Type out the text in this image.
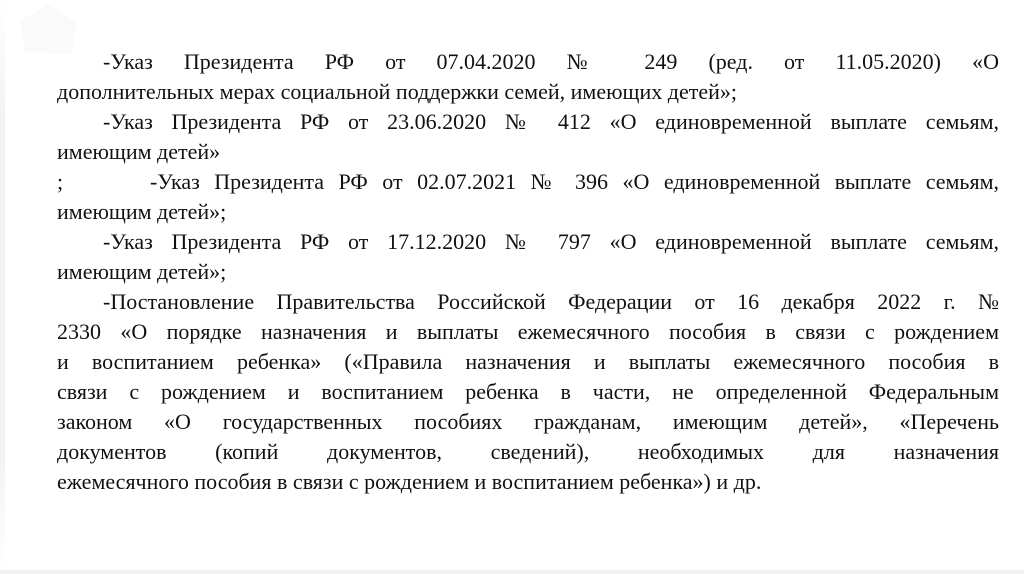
-Указ Президента РФ от 07.04.2020 № 249 (ред. от 11.05.2020) «О
дополнительных мерах социальной поддержки семей, имеющих детей»;

-Указ Президента РФ от 23.06.2020 № 412 «О единовременной выплате семьям,
имеющим детей»

;      -Указ Президента РФ от 02.07.2021 № 396 «О единовременной выплате семьям,
имеющим детей»;

-Указ Президента РФ от 17.12.2020 № 797 «О единовременной выплате семьям,
имеющим детей»;

-Постановление Правительства Российской Федерации от 16 декабря 2022 г. №
2330 «О порядке назначения и выплаты ежемесячного пособия в связи с рождением
и воспитанием ребенка» («Правила назначения и выплаты ежемесячного пособия в
связи с рождением и воспитанием ребенка в части, не определенной Федеральным
законом «О государственных пособиях гражданам, имеющим детей», «Перечень
документов (копий документов, сведений), необходимых для назначения
ежемесячного пособия в связи с рождением и воспитанием ребенка») и др.
